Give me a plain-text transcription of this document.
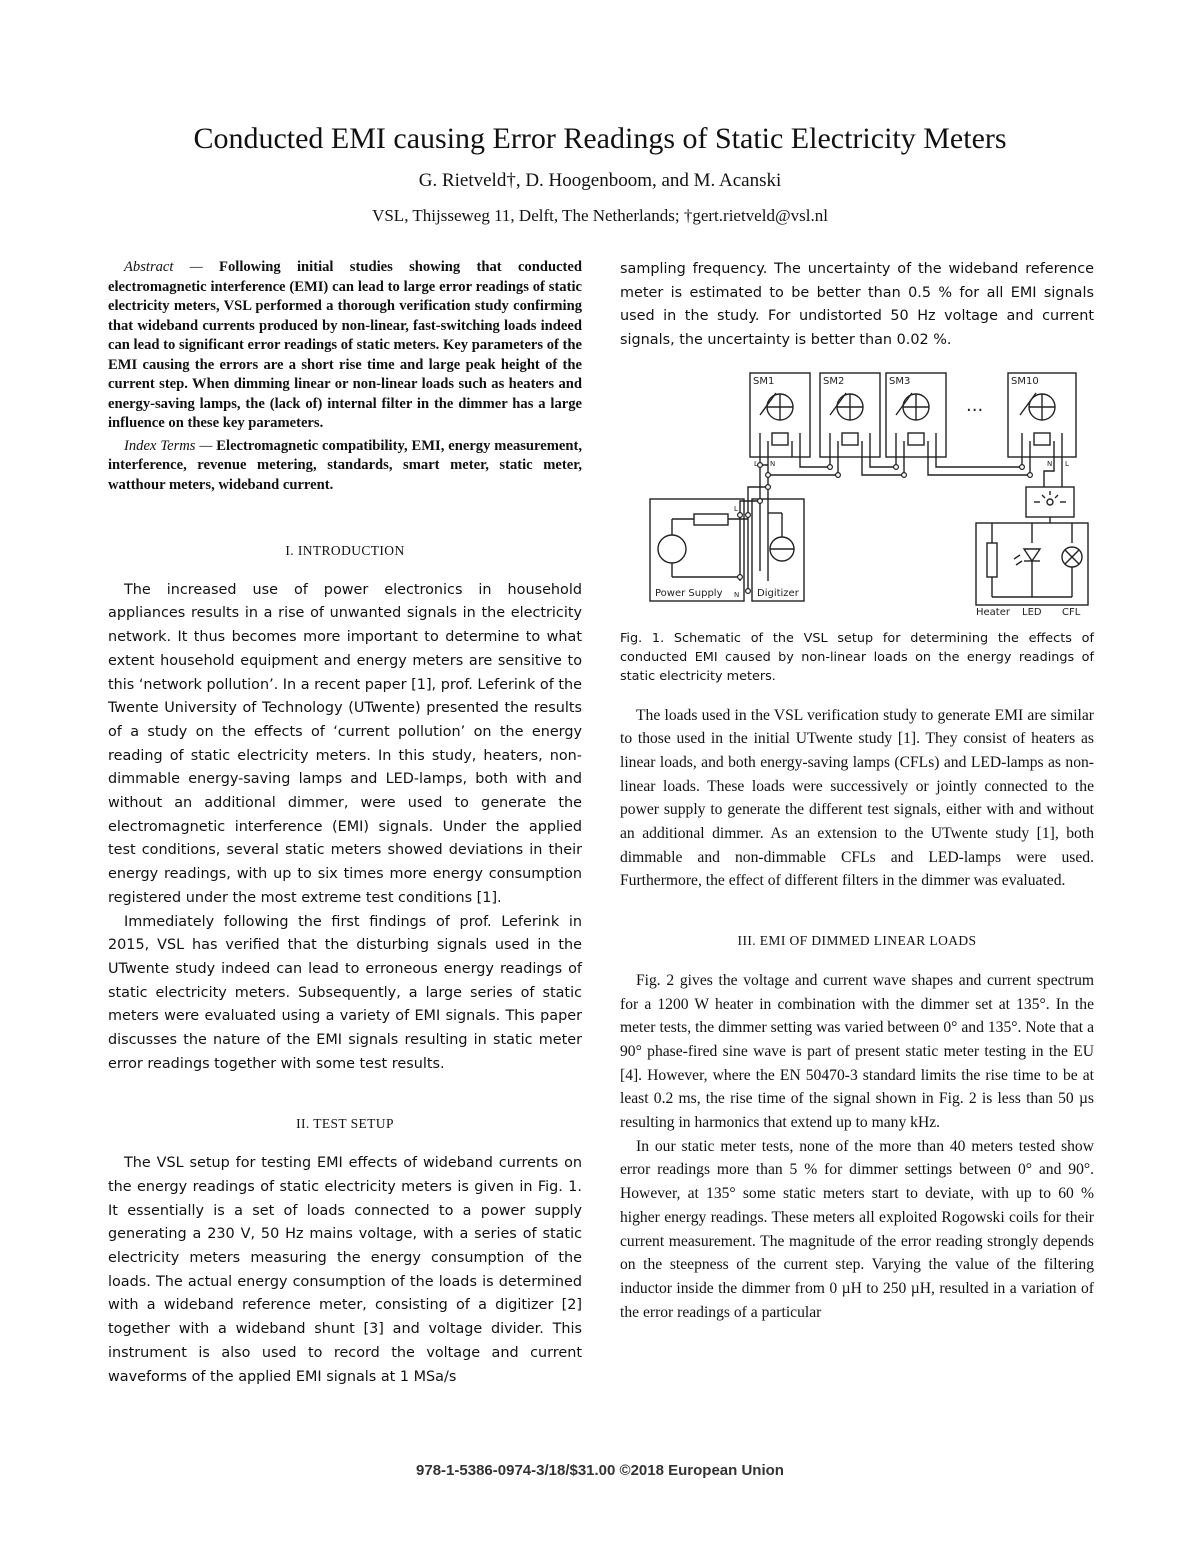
Conducted EMI causing Error Readings of Static Electricity Meters
G. Rietveld†, D. Hoogenboom, and M. Acanski
VSL, Thijsseweg 11, Delft, The Netherlands; †gert.rietveld@vsl.nl

Abstract — Following initial studies showing that conducted electromagnetic interference (EMI) can lead to large error readings of static electricity meters, VSL performed a thorough verification study confirming that wideband currents produced by non-linear, fast-switching loads indeed can lead to significant error readings of static meters. Key parameters of the EMI causing the errors are a short rise time and large peak height of the current step. When dimming linear or non-linear loads such as heaters and energy-saving lamps, the (lack of) internal filter in the dimmer has a large influence on these key parameters.

Index Terms — Electromagnetic compatibility, EMI, energy measurement, interference, revenue metering, standards, smart meter, static meter, watthour meters, wideband current.

I. INTRODUCTION

The increased use of power electronics in household appliances results in a rise of unwanted signals in the electricity network. It thus becomes more important to determine to what extent household equipment and energy meters are sensitive to this ‘network pollution’. In a recent paper [1], prof. Leferink of the Twente University of Technology (UTwente) presented the results of a study on the effects of ‘current pollution’ on the energy reading of static electricity meters. In this study, heaters, non-dimmable energy-saving lamps and LED-lamps, both with and without an additional dimmer, were used to generate the electromagnetic interference (EMI) signals. Under the applied test conditions, several static meters showed deviations in their energy readings, with up to six times more energy consumption registered under the most extreme test conditions [1].

Immediately following the first findings of prof. Leferink in 2015, VSL has verified that the disturbing signals used in the UTwente study indeed can lead to erroneous energy readings of static electricity meters. Subsequently, a large series of static meters were evaluated using a variety of EMI signals. This paper discusses the nature of the EMI signals resulting in static meter error readings together with some test results.

II. TEST SETUP

The VSL setup for testing EMI effects of wideband currents on the energy readings of static electricity meters is given in Fig. 1. It essentially is a set of loads connected to a power supply generating a 230 V, 50 Hz mains voltage, with a series of static electricity meters measuring the energy consumption of the loads. The actual energy consumption of the loads is determined with a wideband reference meter, consisting of a digitizer [2] together with a wideband shunt [3] and voltage divider. This instrument is also used to record the voltage and current waveforms of the applied EMI signals at 1 MSa/s

sampling frequency. The uncertainty of the wideband reference meter is estimated to be better than 0.5 % for all EMI signals used in the study. For undistorted 50 Hz voltage and current signals, the uncertainty is better than 0.02 %.

SM1	SM2	SM3	SM10
...
L N	N L
L
N
Power Supply	Digitizer
Heater LED CFL

Fig. 1. Schematic of the VSL setup for determining the effects of conducted EMI caused by non-linear loads on the energy readings of static electricity meters.

The loads used in the VSL verification study to generate EMI are similar to those used in the initial UTwente study [1]. They consist of heaters as linear loads, and both energy-saving lamps (CFLs) and LED-lamps as non-linear loads. These loads were successively or jointly connected to the power supply to generate the different test signals, either with and without an additional dimmer. As an extension to the UTwente study [1], both dimmable and non-dimmable CFLs and LED-lamps were used. Furthermore, the effect of different filters in the dimmer was evaluated.

III. EMI OF DIMMED LINEAR LOADS

Fig. 2 gives the voltage and current wave shapes and current spectrum for a 1200 W heater in combination with the dimmer set at 135°. In the meter tests, the dimmer setting was varied between 0° and 135°. Note that a 90° phase-fired sine wave is part of present static meter testing in the EU [4]. However, where the EN 50470-3 standard limits the rise time to be at least 0.2 ms, the rise time of the signal shown in Fig. 2 is less than 50 µs resulting in harmonics that extend up to many kHz.

In our static meter tests, none of the more than 40 meters tested show error readings more than 5 % for dimmer settings between 0° and 90°. However, at 135° some static meters start to deviate, with up to 60 % higher energy readings. These meters all exploited Rogowski coils for their current measurement. The magnitude of the error reading strongly depends on the steepness of the current step. Varying the value of the filtering inductor inside the dimmer from 0 µH to 250 µH, resulted in a variation of the error readings of a particular

978-1-5386-0974-3/18/$31.00 ©2018 European Union
